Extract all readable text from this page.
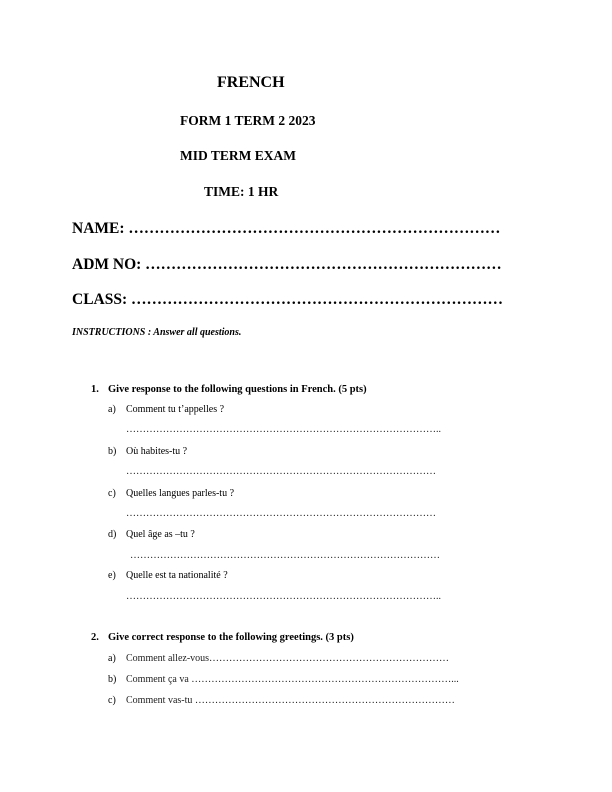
FRENCH
FORM 1 TERM 2 2023
MID TERM EXAM
TIME: 1 HR
NAME: ………………………………………………………………
ADM NO: ……………………………………………………………
CLASS: ………………………………………………………………
INSTRUCTIONS : Answer all questions.
1. Give response to the following questions in French. (5 pts)
a) Comment tu t’appelles ?
…………………………………………………………………………………..
b) Où habites-tu ?
…………………………………………………………………………………
c) Quelles langues parles-tu ?
…………………………………………………………………………………
d) Quel âge as –tu ?
…………………………………………………………………………………
e) Quelle est ta nationalité ?
…………………………………………………………………………………..
2. Give correct response to the following greetings. (3 pts)
a) Comment allez-vous………………………………………………………………
b) Comment ça va ……………………………………………………………………...
c) Comment vas-tu ……………………………………………………………………
